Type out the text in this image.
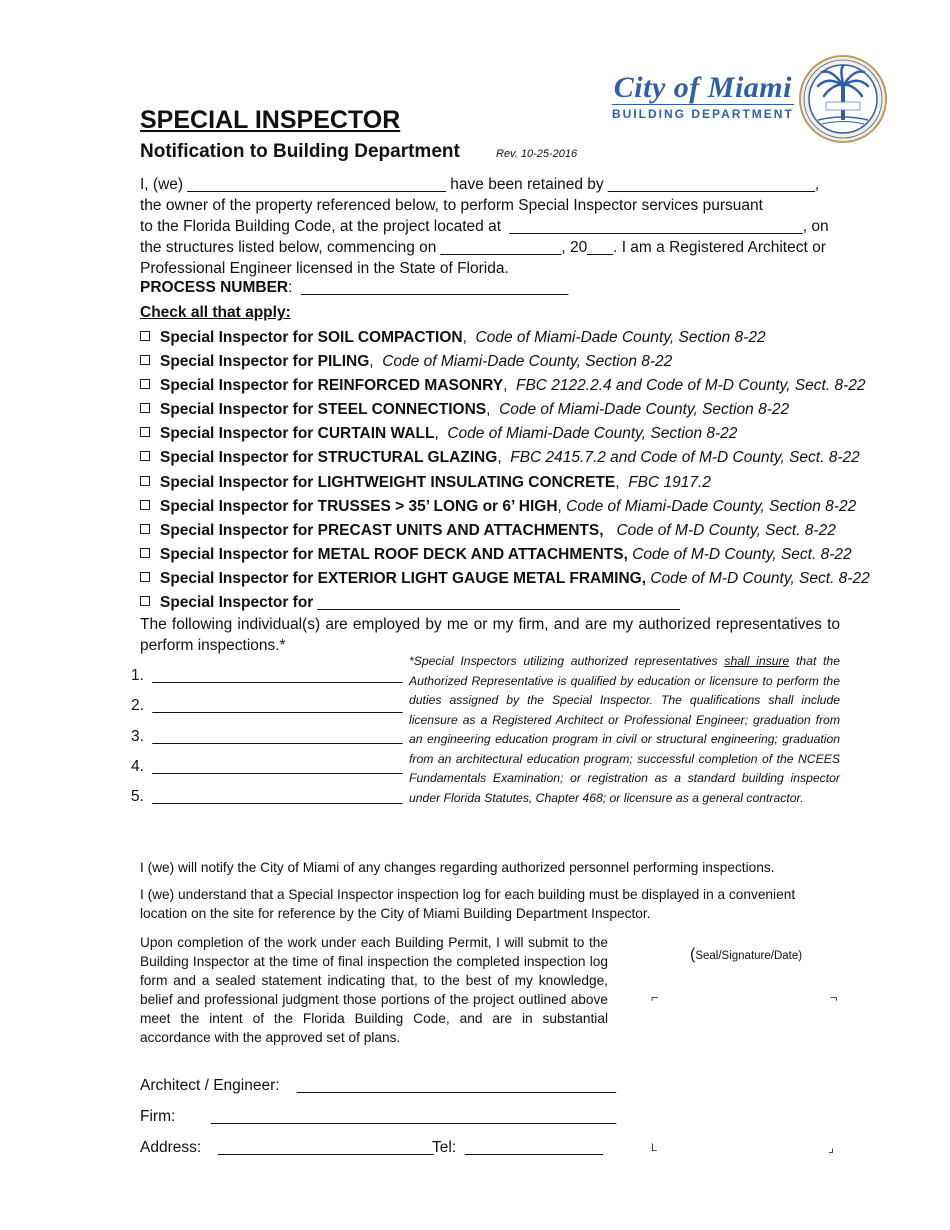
City of Miami
BUILDING DEPARTMENT
SPECIAL INSPECTOR
Notification to Building Department	Rev. 10-25-2016

I, (we) ______________________________ have been retained by ________________________,

the owner of the property referenced below, to perform Special Inspector services pursuant

to the Florida Building Code, at the project located at  __________________________________, on

the structures listed below, commencing on ______________, 20___. I am a Registered Architect or

Professional Engineer licensed in the State of Florida.

PROCESS NUMBER:  _______________________________
Check all that apply:
Special Inspector for SOIL COMPACTION,  Code of Miami-Dade County, Section 8-22
Special Inspector for PILING,  Code of Miami-Dade County, Section 8-22
Special Inspector for REINFORCED MASONRY,  FBC 2122.2.4 and Code of M-D County, Sect. 8-22
Special Inspector for STEEL CONNECTIONS,  Code of Miami-Dade County, Section 8-22
Special Inspector for CURTAIN WALL,  Code of Miami-Dade County, Section 8-22
Special Inspector for STRUCTURAL GLAZING,  FBC 2415.7.2 and Code of M-D County, Sect. 8-22
Special Inspector for LIGHTWEIGHT INSULATING CONCRETE,  FBC 1917.2
Special Inspector for TRUSSES > 35’ LONG or 6’ HIGH, Code of Miami-Dade County, Section 8-22
Special Inspector for PRECAST UNITS AND ATTACHMENTS, Code of M-D County, Sect. 8-22
Special Inspector for METAL ROOF DECK AND ATTACHMENTS, Code of M-D County, Sect. 8-22
Special Inspector for EXTERIOR LIGHT GAUGE METAL FRAMING, Code of M-D County, Sect. 8-22
Special Inspector for __________________________________________
The following individual(s) are employed by me or my firm, and are my authorized representatives to perform inspections.*
1.  _____________________________
2.  _____________________________
3.  _____________________________
4.  _____________________________
5.  _____________________________
*Special Inspectors utilizing authorized representatives shall insure that the Authorized Representative is qualified by education or licensure to perform the duties assigned by the Special Inspector. The qualifications shall include licensure as a Registered Architect or Professional Engineer; graduation from an engineering education program in civil or structural engineering; graduation from an architectural education program; successful completion of the NCEES Fundamentals Examination; or registration as a standard building inspector under Florida Statutes, Chapter 468; or licensure as a general contractor.
I (we) will notify the City of Miami of any changes regarding authorized personnel performing inspections.
I (we) understand that a Special Inspector inspection log for each building must be displayed in a convenient location on the site for reference by the City of Miami Building Department Inspector.
Upon completion of the work under each Building Permit, I will submit to the Building Inspector at the time of final inspection the completed inspection log form and a sealed statement indicating that, to the best of my knowledge, belief and professional judgment those portions of the project outlined above meet the intent of the Florida Building Code, and are in substantial accordance with the approved set of plans.
(Seal/Signature/Date)
⌐	¬
L	⌟
Architect / Engineer: _____________________________________
Firm: _______________________________________________
Address: _________________________
Tel: ________________
